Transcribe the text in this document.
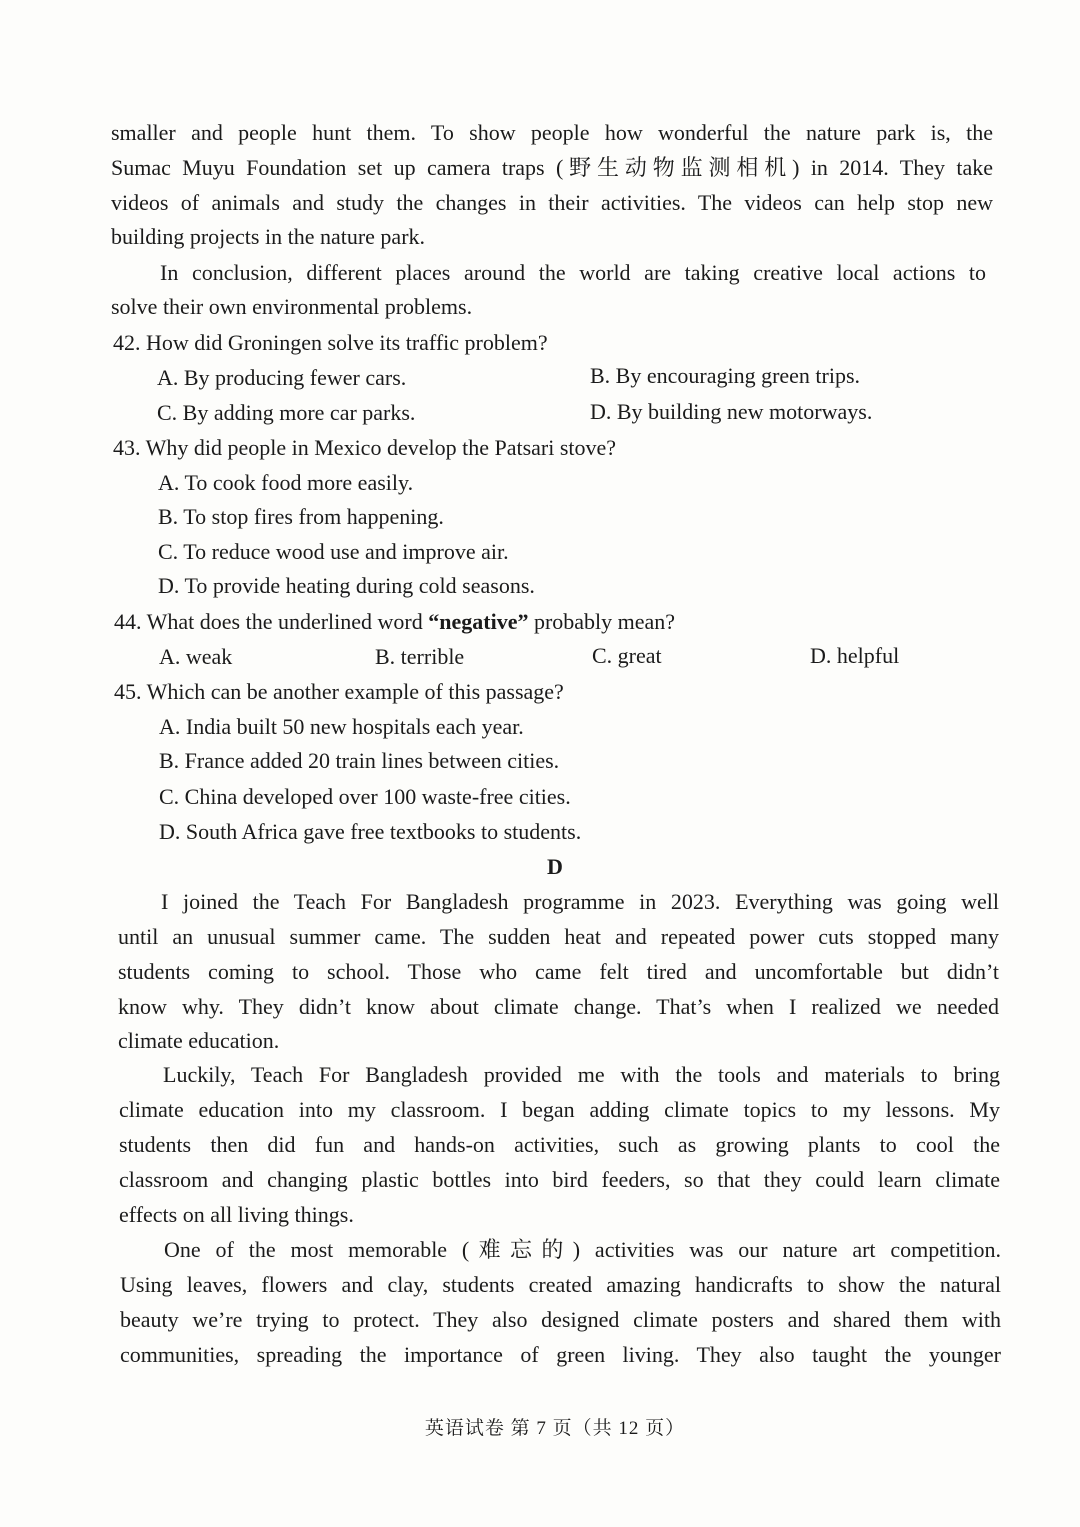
smaller and people hunt them. To show people how wonderful the nature park is, the
Sumac Muyu Foundation set up camera traps (野生动物监测相机) in 2014. They take
videos of animals and study the changes in their activities. The videos can help stop new
building projects in the nature park.
In conclusion, different places around the world are taking creative local actions to
solve their own environmental problems.
42. How did Groningen solve its traffic problem?
A. By producing fewer cars.	B. By encouraging green trips.
C. By adding more car parks.	D. By building new motorways.
43. Why did people in Mexico develop the Patsari stove?
A. To cook food more easily.
B. To stop fires from happening.
C. To reduce wood use and improve air.
D. To provide heating during cold seasons.
44. What does the underlined word “negative” probably mean?
A. weak	B. terrible	C. great	D. helpful
45. Which can be another example of this passage?
A. India built 50 new hospitals each year.
B. France added 20 train lines between cities.
C. China developed over 100 waste-free cities.
D. South Africa gave free textbooks to students.
D
I joined the Teach For Bangladesh programme in 2023. Everything was going well
until an unusual summer came. The sudden heat and repeated power cuts stopped many
students coming to school. Those who came felt tired and uncomfortable but didn’t
know why. They didn’t know about climate change. That’s when I realized we needed
climate education.
Luckily, Teach For Bangladesh provided me with the tools and materials to bring
climate education into my classroom. I began adding climate topics to my lessons. My
students then did fun and hands-on activities, such as growing plants to cool the
classroom and changing plastic bottles into bird feeders, so that they could learn climate
effects on all living things.
One of the most memorable (难忘的) activities was our nature art competition.
Using leaves, flowers and clay, students created amazing handicrafts to show the natural
beauty we’re trying to protect. They also designed climate posters and shared them with
communities, spreading the importance of green living. They also taught the younger
英语试卷 第 7 页（共 12 页）
